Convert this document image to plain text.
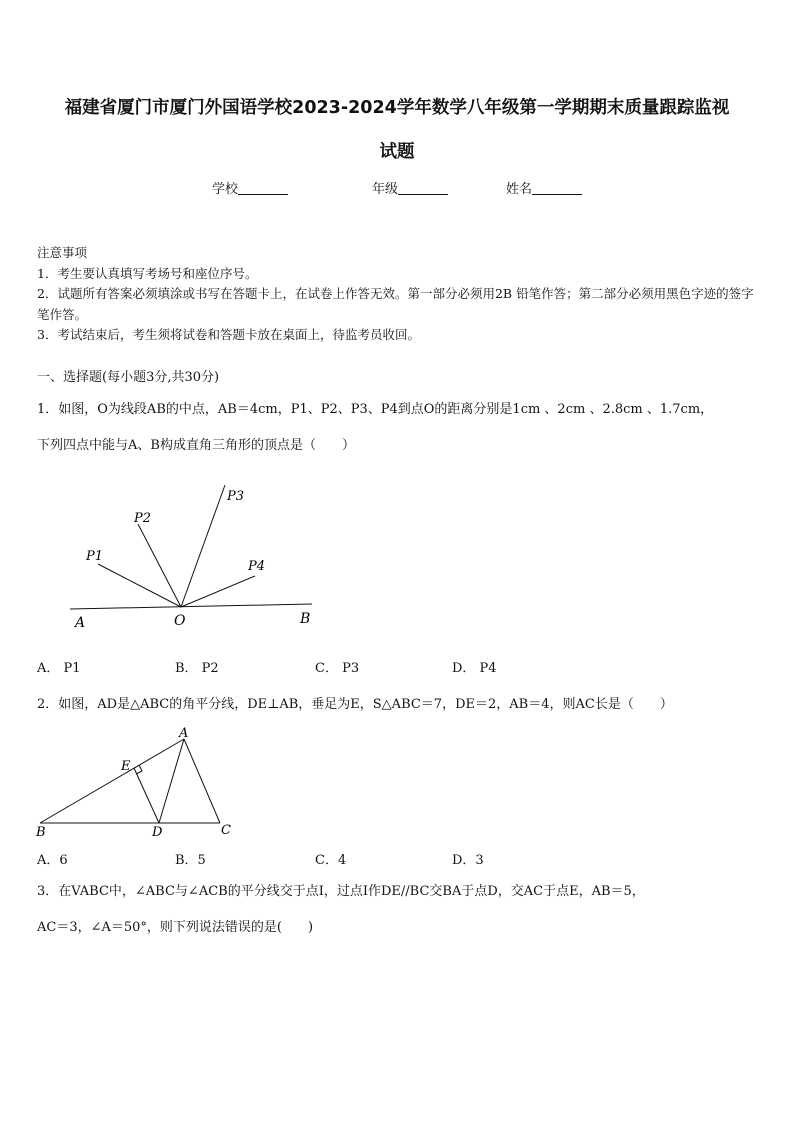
福建省厦门市厦门外国语学校2023-2024学年数学八年级第一学期期末质量跟踪监视
试题
学校	年级	姓名

注意事项

1．考生要认真填写考场号和座位序号。

2．试题所有答案必须填涂或书写在答题卡上，在试卷上作答无效。第一部分必须用2B 铅笔作答；第二部分必须用黑色字迹的签字笔作答。

3．考试结束后，考生须将试卷和答题卡放在桌面上，待监考员收回。

一、选择题(每小题3分,共30分)

1．如图，O为线段AB的中点，AB＝4cm，P1、P2、P3、P4到点O的距离分别是1cm 、2cm 、2.8cm 、1.7cm，

下列四点中能与A、B构成直角三角形的顶点是（　　）

A	O	B
P1
P2
P3
P4
A． P1	B． P2	C． P3	D． P4

2．如图，AD是△ABC的角平分线，DE⊥AB，垂足为E，S△ABC＝7，DE＝2，AB＝4，则AC长是（　　）

A
B	C
D
E
A．6	B．5	C．4	D．3

3．在VABC中，∠ABC与∠ACB的平分线交于点I，过点I作DE//BC交BA于点D，交AC于点E，AB＝5，

AC＝3，∠A＝50°，则下列说法错误的是(　　)
